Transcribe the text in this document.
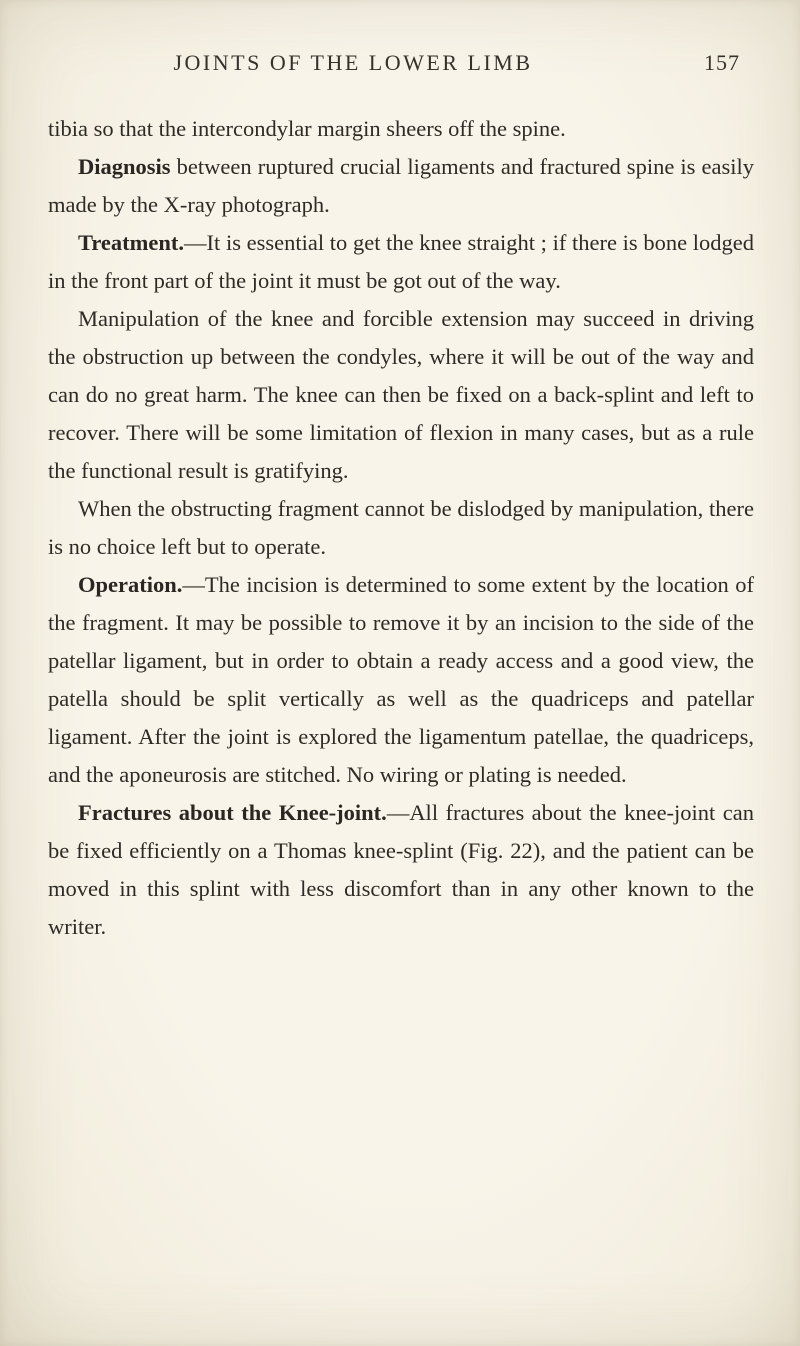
JOINTS OF THE LOWER LIMB	157

tibia so that the intercondylar margin sheers off the spine.

Diagnosis between ruptured crucial ligaments and fractured spine is easily made by the X-ray photograph.

Treatment.—It is essential to get the knee straight ; if there is bone lodged in the front part of the joint it must be got out of the way.

Manipulation of the knee and forcible extension may succeed in driving the obstruction up between the condyles, where it will be out of the way and can do no great harm. The knee can then be fixed on a back-splint and left to recover. There will be some limitation of flexion in many cases, but as a rule the functional result is gratifying.

When the obstructing fragment cannot be dislodged by manipulation, there is no choice left but to operate.

Operation.—The incision is determined to some extent by the location of the fragment. It may be possible to remove it by an incision to the side of the patellar ligament, but in order to obtain a ready access and a good view, the patella should be split vertically as well as the quadriceps and patellar ligament. After the joint is explored the ligamentum patellae, the quadriceps, and the aponeurosis are stitched. No wiring or plating is needed.

Fractures about the Knee-joint.—All fractures about the knee-joint can be fixed efficiently on a Thomas knee-splint (Fig. 22), and the patient can be moved in this splint with less discomfort than in any other known to the writer.
